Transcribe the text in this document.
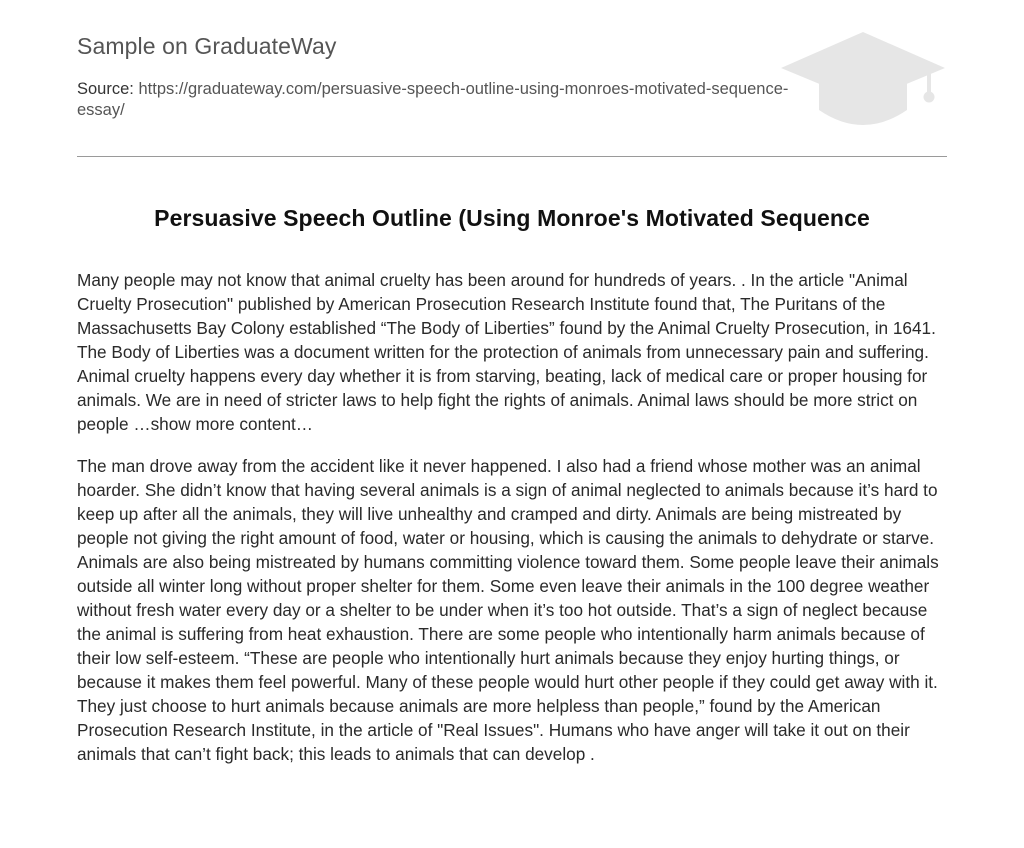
Sample on GraduateWay
Source: https://graduateway.com/persuasive-speech-outline-using-monroes-motivated-sequence-essay/
Persuasive Speech Outline (Using Monroe's Motivated Sequence

Many people may not know that animal cruelty has been around for hundreds of years. . In the article "Animal Cruelty Prosecution" published by American Prosecution Research Institute found that, The Puritans of the Massachusetts Bay Colony established “The Body of Liberties” found by the Animal Cruelty Prosecution, in 1641. The Body of Liberties was a document written for the protection of animals from unnecessary pain and suffering. Animal cruelty happens every day whether it is from starving, beating, lack of medical care or proper housing for animals. We are in need of stricter laws to help fight the rights of animals. Animal laws should be more strict on people …show more content…

The man drove away from the accident like it never happened. I also had a friend whose mother was an animal hoarder. She didn’t know that having several animals is a sign of animal neglected to animals because it’s hard to keep up after all the animals, they will live unhealthy and cramped and dirty. Animals are being mistreated by people not giving the right amount of food, water or housing, which is causing the animals to dehydrate or starve. Animals are also being mistreated by humans committing violence toward them. Some people leave their animals outside all winter long without proper shelter for them. Some even leave their animals in the 100 degree weather without fresh water every day or a shelter to be under when it’s too hot outside. That’s a sign of neglect because the animal is suffering from heat exhaustion. There are some people who intentionally harm animals because of their low self-esteem. “These are people who intentionally hurt animals because they enjoy hurting things, or because it makes them feel powerful. Many of these people would hurt other people if they could get away with it. They just choose to hurt animals because animals are more helpless than people,” found by the American Prosecution Research Institute, in the article of "Real Issues". Humans who have anger will take it out on their animals that can’t fight back; this leads to animals that can develop .
